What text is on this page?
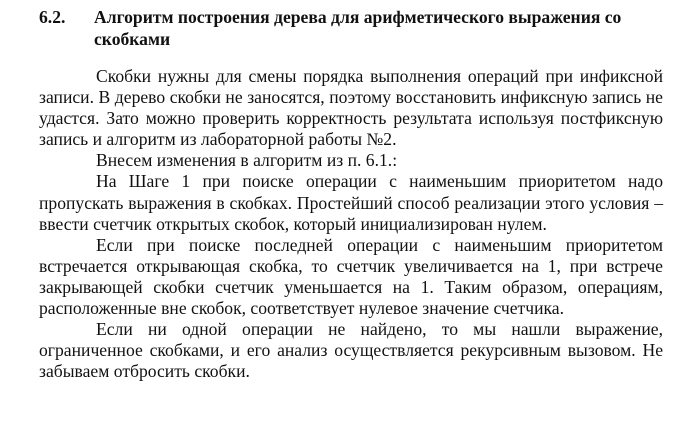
6.2. Алгоритм построения дерева для арифметического выражения со скобками

Скобки нужны для смены порядка выполнения операций при инфиксной записи. В дерево скобки не заносятся, поэтому восстановить инфиксную запись не удастся. Зато можно проверить корректность результата используя постфиксную запись и алгоритм из лабораторной работы №2.

Внесем изменения в алгоритм из п. 6.1.:

На Шаге 1 при поиске операции с наименьшим приоритетом надо пропускать выражения в скобках. Простейший способ реализации этого условия – ввести счетчик открытых скобок, который инициализирован нулем.

Если при поиске последней операции с наименьшим приоритетом встречается открывающая скобка, то счетчик увеличивается на 1, при встрече закрывающей скобки счетчик уменьшается на 1. Таким образом, операциям, расположенные вне скобок, соответствует нулевое значение счетчика.

Если ни одной операции не найдено, то мы нашли выражение, ограниченное скобками, и его анализ осуществляется рекурсивным вызовом. Не забываем отбросить скобки.
